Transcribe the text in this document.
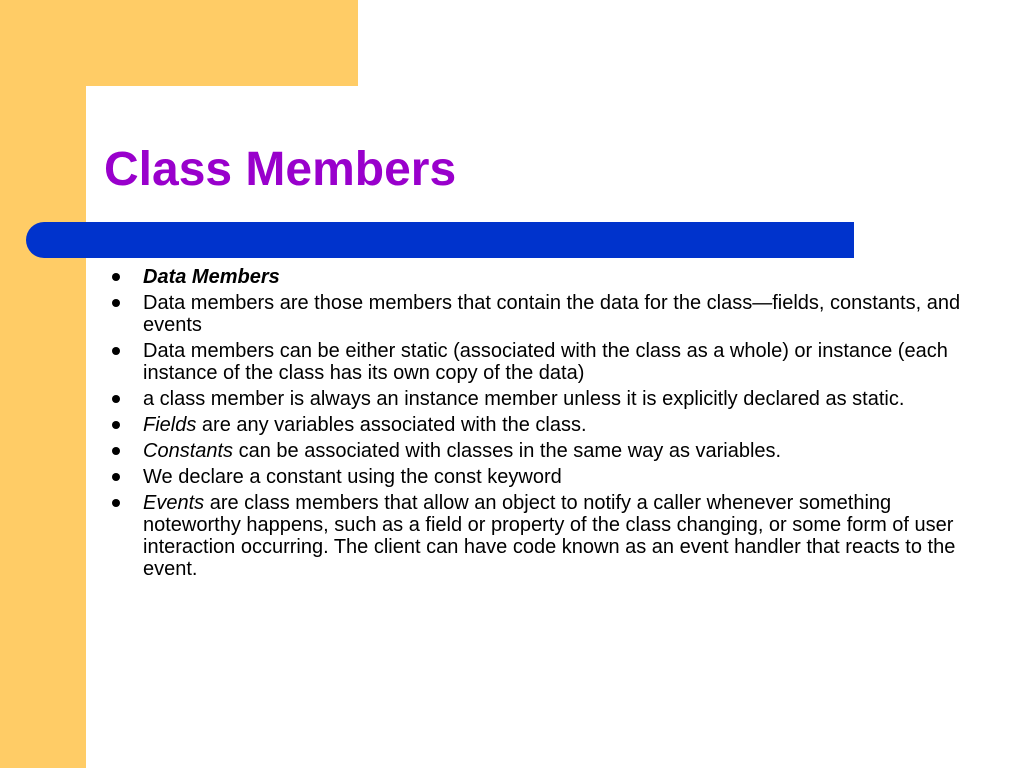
Class Members
Data Members
Data members are those members that contain the data for the class—fields, constants, and events
Data members can be either static (associated with the class as a whole) or instance (each instance of the class has its own copy of the data)
a class member is always an instance member unless it is explicitly declared as static.
Fields are any variables associated with the class.
Constants can be associated with classes in the same way as variables.
We declare a constant using the const keyword
Events are class members that allow an object to notify a caller whenever something noteworthy happens, such as a field or property of the class changing, or some form of user interaction occurring. The client can have code known as an event handler that reacts to the event.
